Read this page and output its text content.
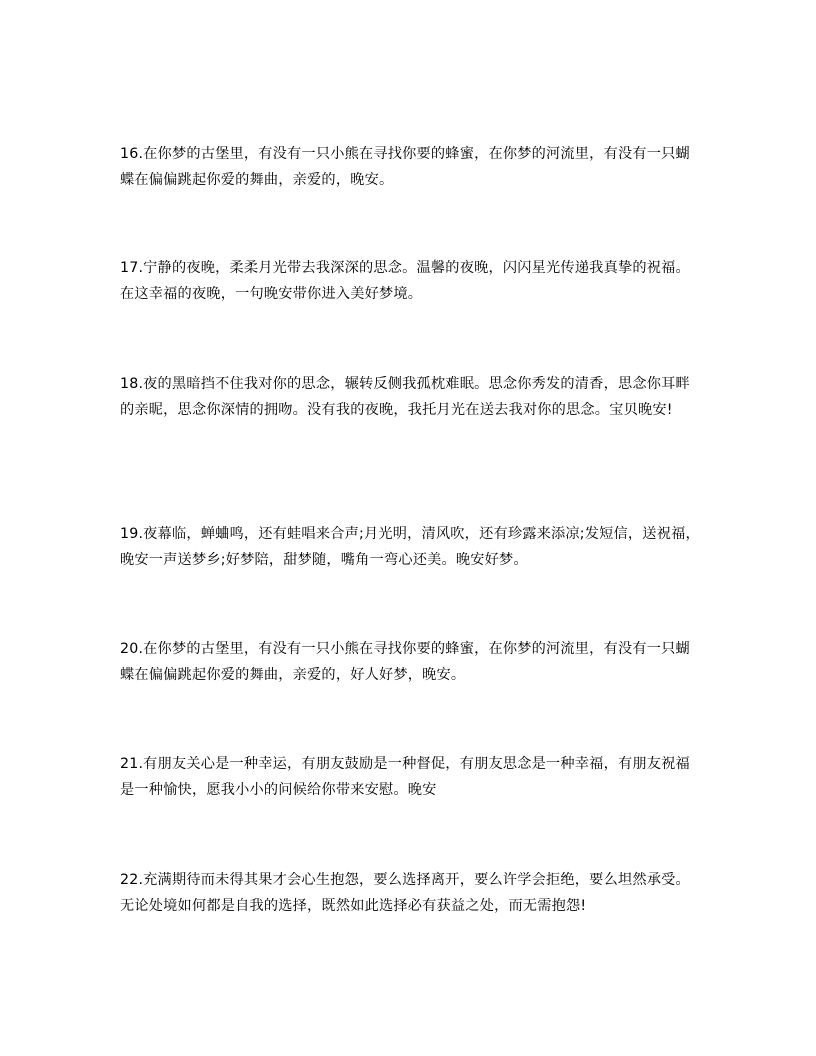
16.在你梦的古堡里，有没有一只小熊在寻找你要的蜂蜜，在你梦的河流里，有没有一只蝴蝶在偏偏跳起你爱的舞曲，亲爱的，晚安。

17.宁静的夜晚，柔柔月光带去我深深的思念。温馨的夜晚，闪闪星光传递我真挚的祝福。在这幸福的夜晚，一句晚安带你进入美好梦境。

18.夜的黑暗挡不住我对你的思念，辗转反侧我孤枕难眠。思念你秀发的清香，思念你耳畔的亲昵，思念你深情的拥吻。没有我的夜晚，我托月光在送去我对你的思念。宝贝晚安!

19.夜幕临，蝉蛐鸣，还有蛙唱来合声;月光明，清风吹，还有珍露来添凉;发短信，送祝福，晚安一声送梦乡;好梦陪，甜梦随，嘴角一弯心还美。晚安好梦。

20.在你梦的古堡里，有没有一只小熊在寻找你要的蜂蜜，在你梦的河流里，有没有一只蝴蝶在偏偏跳起你爱的舞曲，亲爱的，好人好梦，晚安。

21.有朋友关心是一种幸运，有朋友鼓励是一种督促，有朋友思念是一种幸福，有朋友祝福是一种愉快，愿我小小的问候给你带来安慰。晚安

22.充满期待而未得其果才会心生抱怨，要么选择离开，要么许学会拒绝，要么坦然承受。无论处境如何都是自我的选择，既然如此选择必有获益之处，而无需抱怨!
